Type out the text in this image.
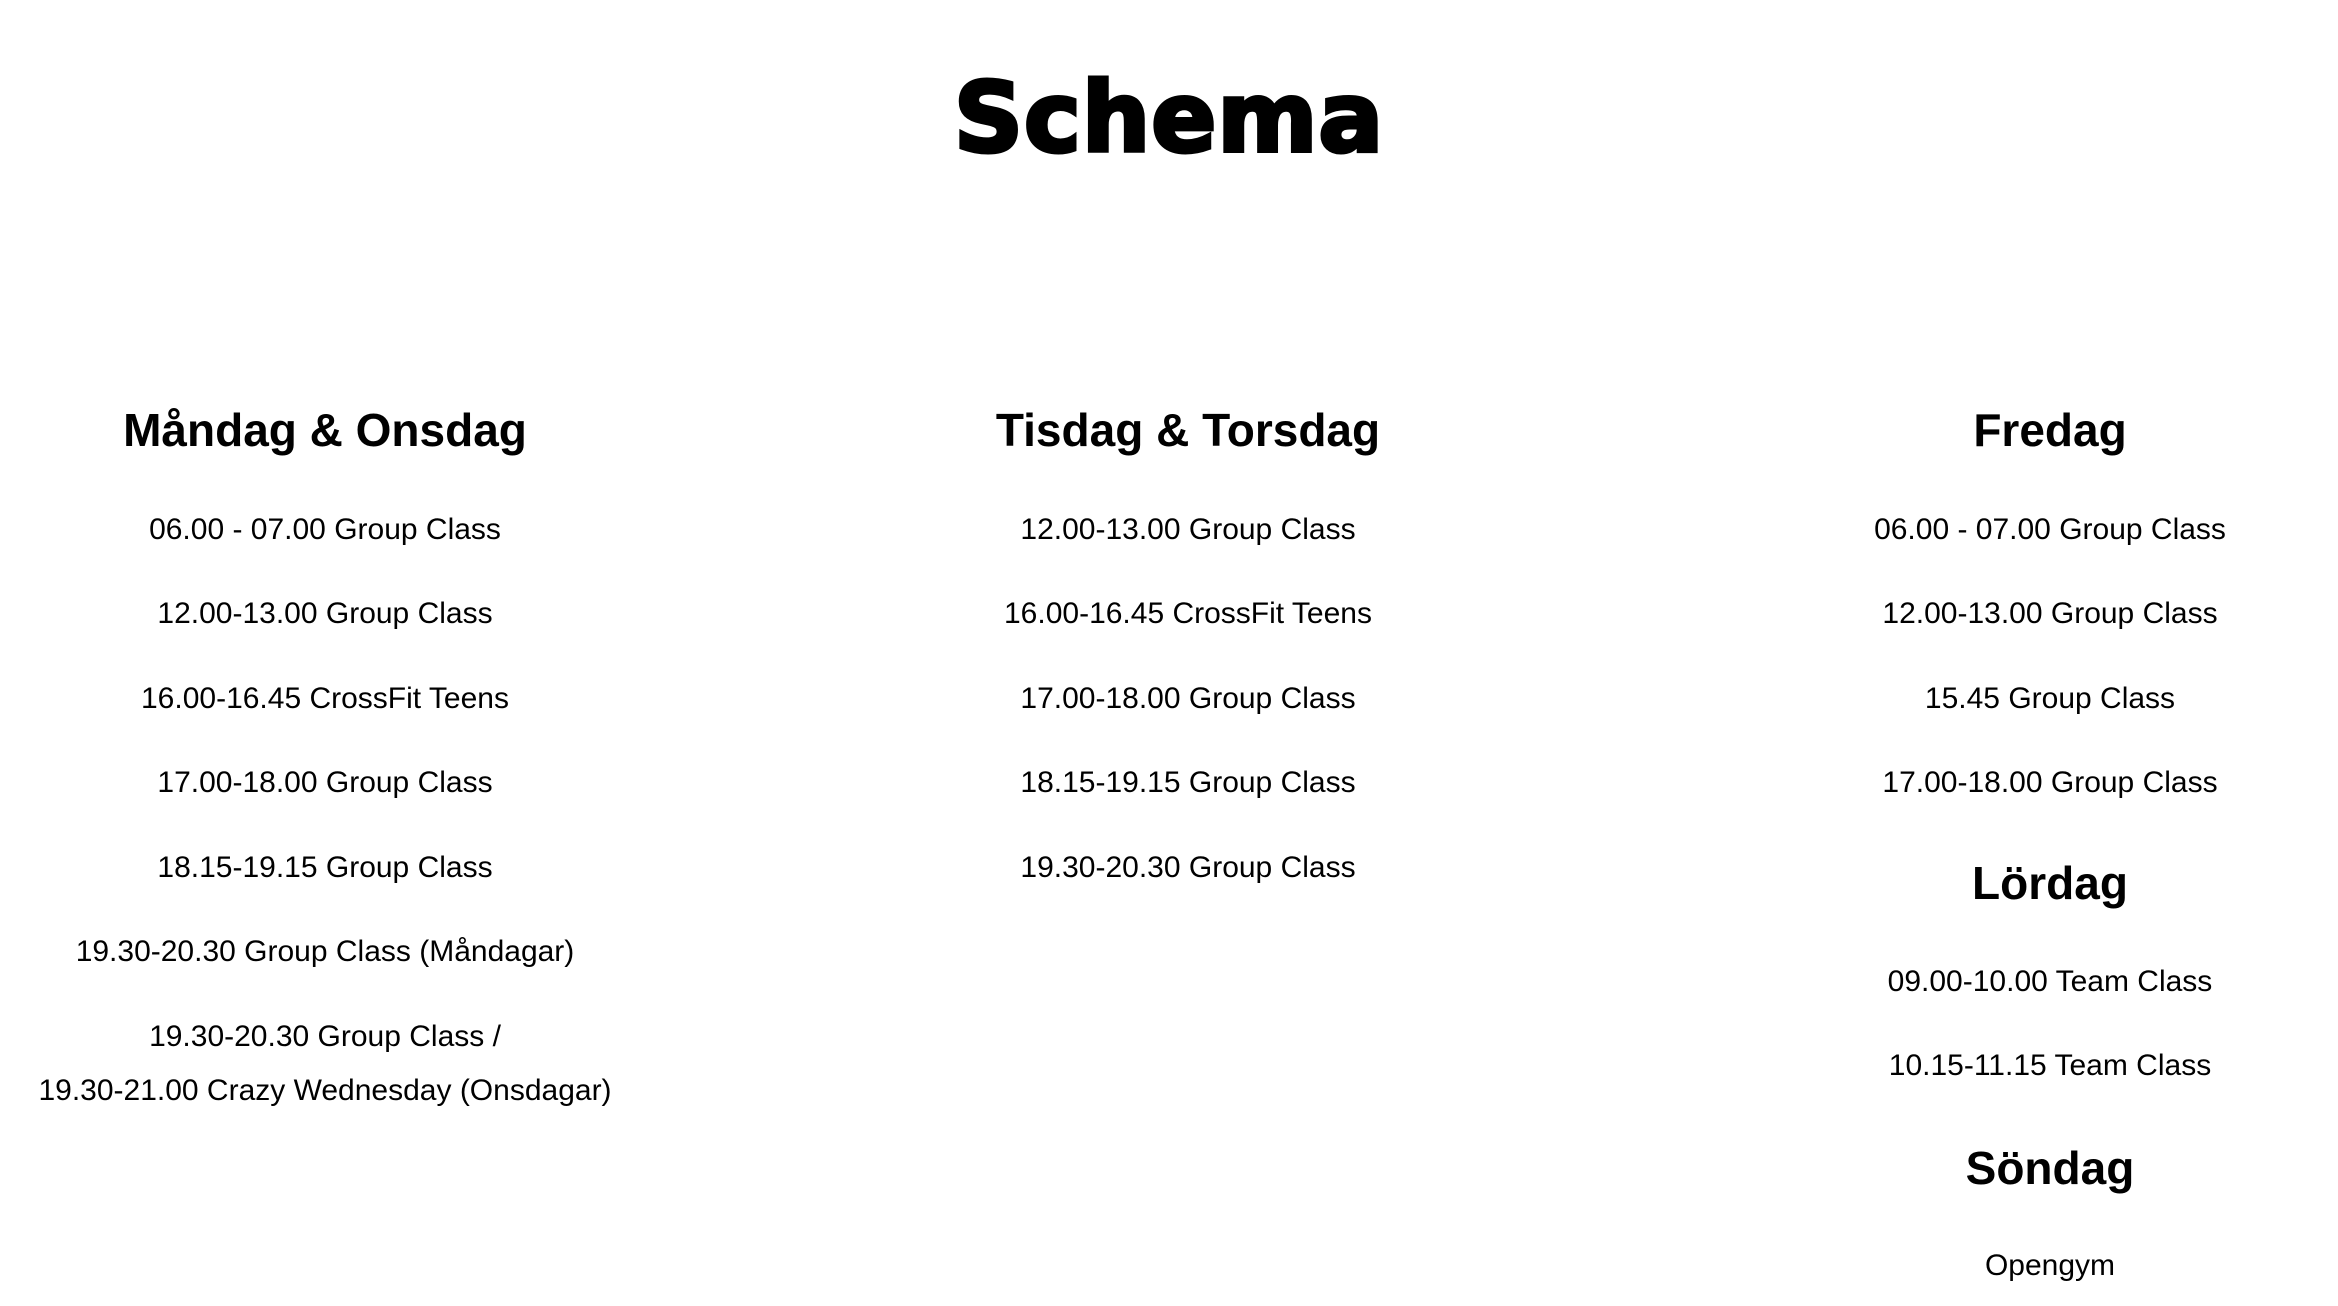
Schema
Måndag & Onsdag

06.00 - 07.00 Group Class

12.00-13.00 Group Class

16.00-16.45 CrossFit Teens

17.00-18.00 Group Class

18.15-19.15 Group Class

19.30-20.30 Group Class (Måndagar)

19.30-20.30 Group Class /

19.30-21.00 Crazy Wednesday (Onsdagar)

Tisdag & Torsdag

12.00-13.00 Group Class

16.00-16.45 CrossFit Teens

17.00-18.00 Group Class

18.15-19.15 Group Class

19.30-20.30 Group Class

Fredag

06.00 - 07.00 Group Class

12.00-13.00 Group Class

15.45 Group Class

17.00-18.00 Group Class

Lördag

09.00-10.00 Team Class

10.15-11.15 Team Class

Söndag

Opengym
